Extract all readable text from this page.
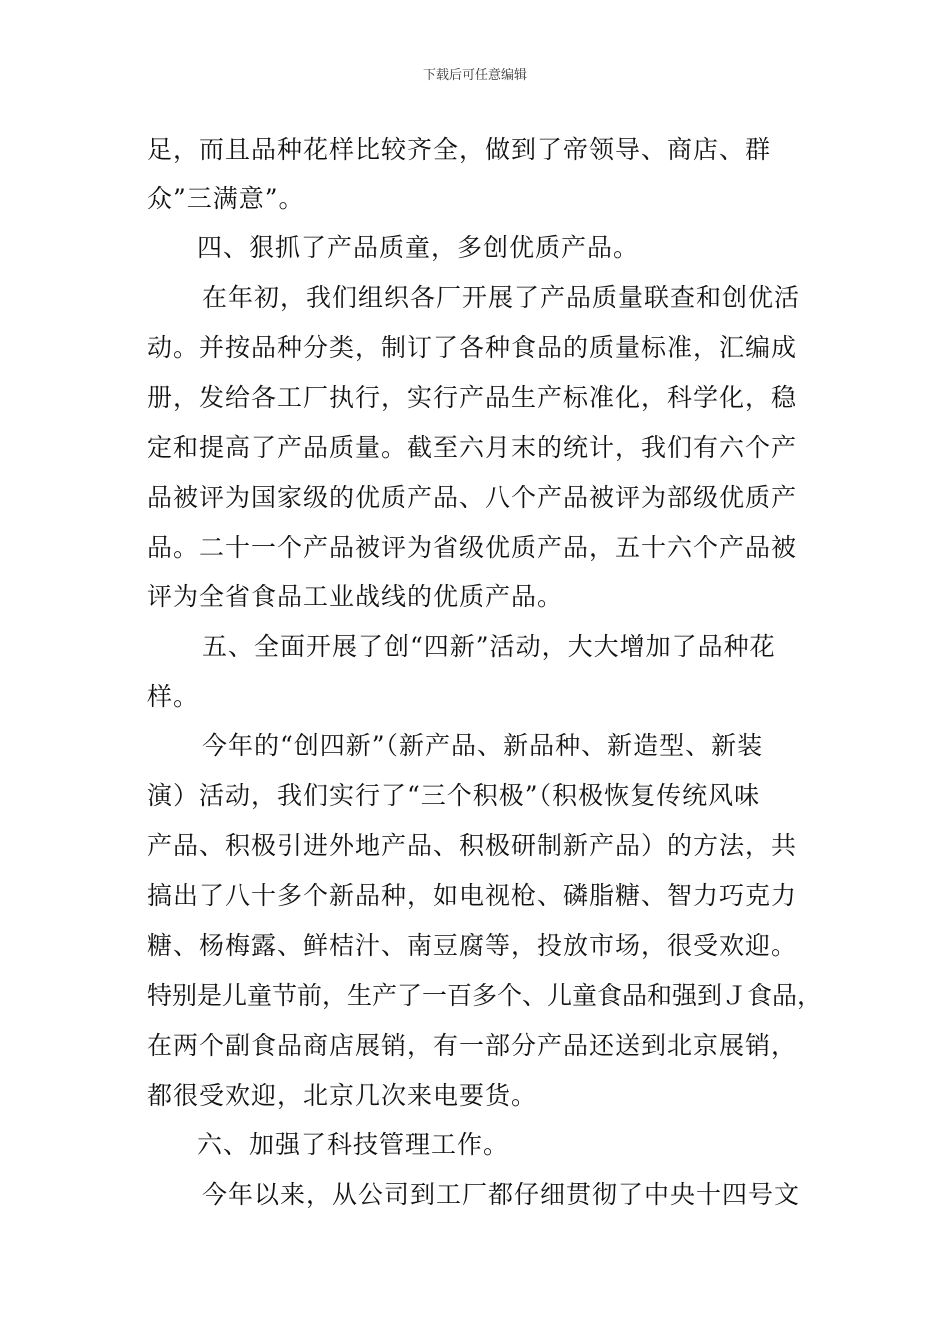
下载后可任意编辑
足，而且品种花样比较齐全，做到了帝领导、商店、群
众”三满意”。
四、狠抓了产品质童，多创优质产品。
在年初，我们组织各厂开展了产品质量联查和创优活
动。并按品种分类，制订了各种食品的质量标准，汇编成
册，发给各工厂执行，实行产品生产标准化，科学化，稳
定和提高了产品质量。截至六月末的统计，我们有六个产
品被评为国家级的优质产品、八个产品被评为部级优质产
品。二十一个产品被评为省级优质产品，五十六个产品被
评为全省食品工业战线的优质产品。
五、全面开展了创“四新”活动，大大增加了品种花
样。
今年的“创四新”（新产品、新品种、新造型、新装
演）活动，我们实行了“三个积极”（积极恢复传统风味
产品、积极引进外地产品、积极研制新产品）的方法，共
搞出了八十多个新品种，如电视枪、磷脂糖、智力巧克力
糖、杨梅露、鲜桔汁、南豆腐等，投放市场，很受欢迎。
特别是儿童节前，生产了一百多个、儿童食品和强到Ｊ食品，
在两个副食品商店展销，有一部分产品还送到北京展销，
都很受欢迎，北京几次来电要货。
六、加强了科技管理工作。
今年以来，从公司到工厂都仔细贯彻了中央十四号文
